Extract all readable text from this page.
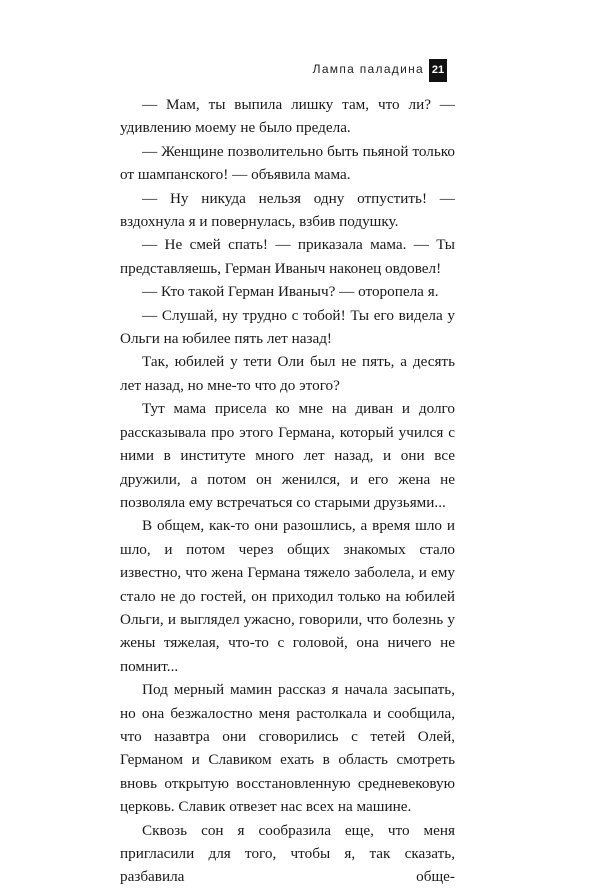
Лампа паладина 21

— Мам, ты выпила лишку там, что ли? — удивлению моему не было предела.

— Женщине позволительно быть пьяной только от шампанского! — объявила мама.

— Ну никуда нельзя одну отпустить! — вздохнула я и повернулась, взбив подушку.

— Не смей спать! — приказала мама. — Ты представляешь, Герман Иваныч наконец овдовел!

— Кто такой Герман Иваныч? — оторопела я.

— Слушай, ну трудно с тобой! Ты его видела у Ольги на юбилее пять лет назад!

Так, юбилей у тети Оли был не пять, а десять лет назад, но мне-то что до этого?

Тут мама присела ко мне на диван и долго рассказывала про этого Германа, который учился с ними в институте много лет назад, и они все дружили, а потом он женился, и его жена не позволяла ему встречаться со старыми друзьями...

В общем, как-то они разошлись, а время шло и шло, и потом через общих знакомых стало известно, что жена Германа тяжело заболела, и ему стало не до гостей, он приходил только на юбилей Ольги, и выглядел ужасно, говорили, что болезнь у жены тяжелая, что-то с головой, она ничего не помнит...

Под мерный мамин рассказ я начала засыпать, но она безжалостно меня растолкала и сообщила, что назавтра они сговорились с тетей Олей, Германом и Славиком ехать в область смотреть вновь открытую восстановленную средневековую церковь. Славик отвезет нас всех на машине.

Сквозь сон я сообразила еще, что меня пригласили для того, чтобы я, так сказать, разбавила обще-
